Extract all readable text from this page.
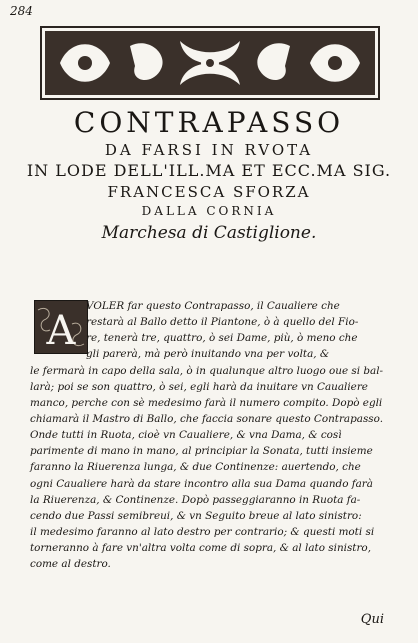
284
CONTRAPASSO
DA FARSI IN RVOTA
IN LODE DELL'ILL.MA ET ECC.MA SIG.
FRANCESCA SFORZA
DALLA CORNIA
Marchesa di Castiglione.
A
VOLER far questo Contrapasso, il Caualiere che
restarà al Ballo detto il Piantone, ò à quello del Fio-
re, tenerà tre, quattro, ò sei Dame, più, ò meno che
gli parerà, mà però inuitando vna per volta, &
le fermarà in capo della sala, ò in qualunque altro luogo oue si bal-
larà; poi se son quattro, ò sei, egli harà da inuitare vn Caualiere
manco, perche con sè medesimo farà il numero compito. Dopò egli
chiamarà il Mastro di Ballo, che faccia sonare questo Contrapasso.
Onde tutti in Ruota, cioè vn Caualiere, & vna Dama, & così
parimente di mano in mano, al principiar la Sonata, tutti insieme
faranno la Riuerenza lunga, & due Continenze: auertendo, che
ogni Caualiere harà da stare incontro alla sua Dama quando farà
la Riuerenza, & Continenze. Dopò passeggiaranno in Ruota fa-
cendo due Passi semibreui, & vn Seguito breue al lato sinistro:
il medesimo faranno al lato destro per contrario; & questi moti si
torneranno à fare vn'altra volta come di sopra, & al lato sinistro,
come al destro.
Qui
